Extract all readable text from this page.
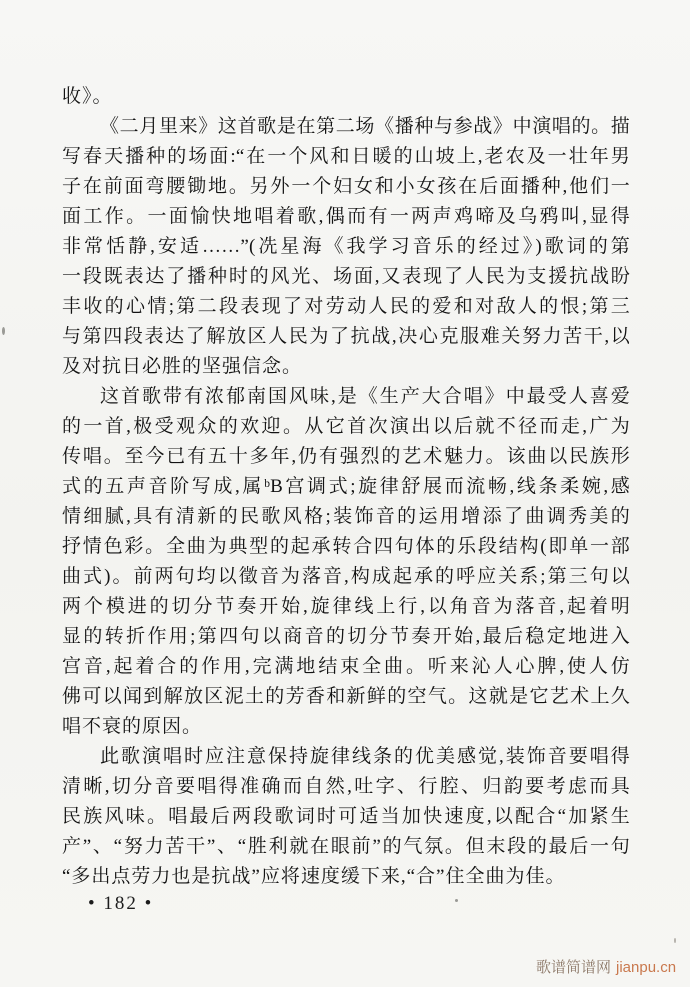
收》。
《二月里来》这首歌是在第二场《播种与参战》中演唱的。描
写春天播种的场面:“在一个风和日暖的山坡上,老农及一壮年男
子在前面弯腰锄地。另外一个妇女和小女孩在后面播种,他们一
面工作。一面愉快地唱着歌,偶而有一两声鸡啼及乌鸦叫,显得
非常恬静,安适……”(冼星海《我学习音乐的经过》)歌词的第
一段既表达了播种时的风光、场面,又表现了人民为支援抗战盼
丰收的心情;第二段表现了对劳动人民的爱和对敌人的恨;第三
与第四段表达了解放区人民为了抗战,决心克服难关努力苦干,以
及对抗日必胜的坚强信念。
这首歌带有浓郁南国风味,是《生产大合唱》中最受人喜爱
的一首,极受观众的欢迎。从它首次演出以后就不径而走,广为
传唱。至今已有五十多年,仍有强烈的艺术魅力。该曲以民族形
式的五声音阶写成,属ᵇB宫调式;旋律舒展而流畅,线条柔婉,感
情细腻,具有清新的民歌风格;装饰音的运用增添了曲调秀美的
抒情色彩。全曲为典型的起承转合四句体的乐段结构(即单一部
曲式)。前两句均以徵音为落音,构成起承的呼应关系;第三句以
两个模进的切分节奏开始,旋律线上行,以角音为落音,起着明
显的转折作用;第四句以商音的切分节奏开始,最后稳定地进入
宫音,起着合的作用,完满地结束全曲。听来沁人心脾,使人仿
佛可以闻到解放区泥土的芳香和新鲜的空气。这就是它艺术上久
唱不衰的原因。
此歌演唱时应注意保持旋律线条的优美感觉,装饰音要唱得
清晰,切分音要唱得准确而自然,吐字、行腔、归韵要考虑而具
民族风味。唱最后两段歌词时可适当加快速度,以配合“加紧生
产”、“努力苦干”、“胜利就在眼前”的气氛。但末段的最后一句
“多出点劳力也是抗战”应将速度缓下来,“合”住全曲为佳。
• 182 •
歌谱简谱网 jianpu.cn
